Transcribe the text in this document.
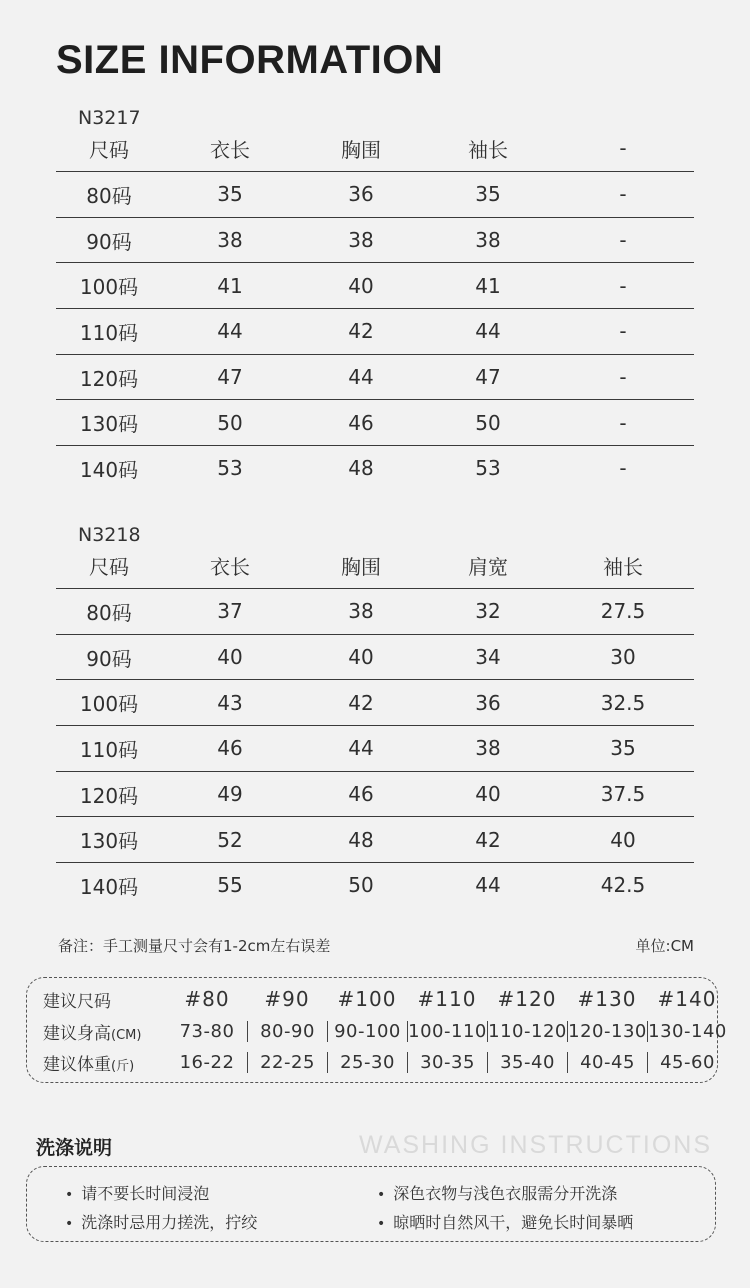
SIZE INFORMATION
N3217
尺码	衣长	胸围	袖长	-
80码	35	36	35	-
90码	38	38	38	-
100码	41	40	41	-
110码	44	42	44	-
120码	47	44	47	-
130码	50	46	50	-
140码	53	48	53	-
N3218
尺码	衣长	胸围	肩宽	袖长
80码	37	38	32	27.5
90码	40	40	34	30
100码	43	42	36	32.5
110码	46	44	38	35
120码	49	46	40	37.5
130码	52	48	42	40
140码	55	50	44	42.5
备注：手工测量尺寸会有1-2cm左右误差	单位:CM
建议尺码	#80	#90	#100	#110	#120	#130	#140
建议身高(CM)	73-80	80-90	90-100 100-110 110-120 120-130 130-140
建议体重(斤)	16-22	22-25	25-30	30-35	35-40	40-45	45-60
洗涤说明	WASHING INSTRUCTIONS
• 请不要长时间浸泡	• 深色衣物与浅色衣服需分开洗涤
• 洗涤时忌用力搓洗，拧绞	• 晾晒时自然风干，避免长时间暴晒
